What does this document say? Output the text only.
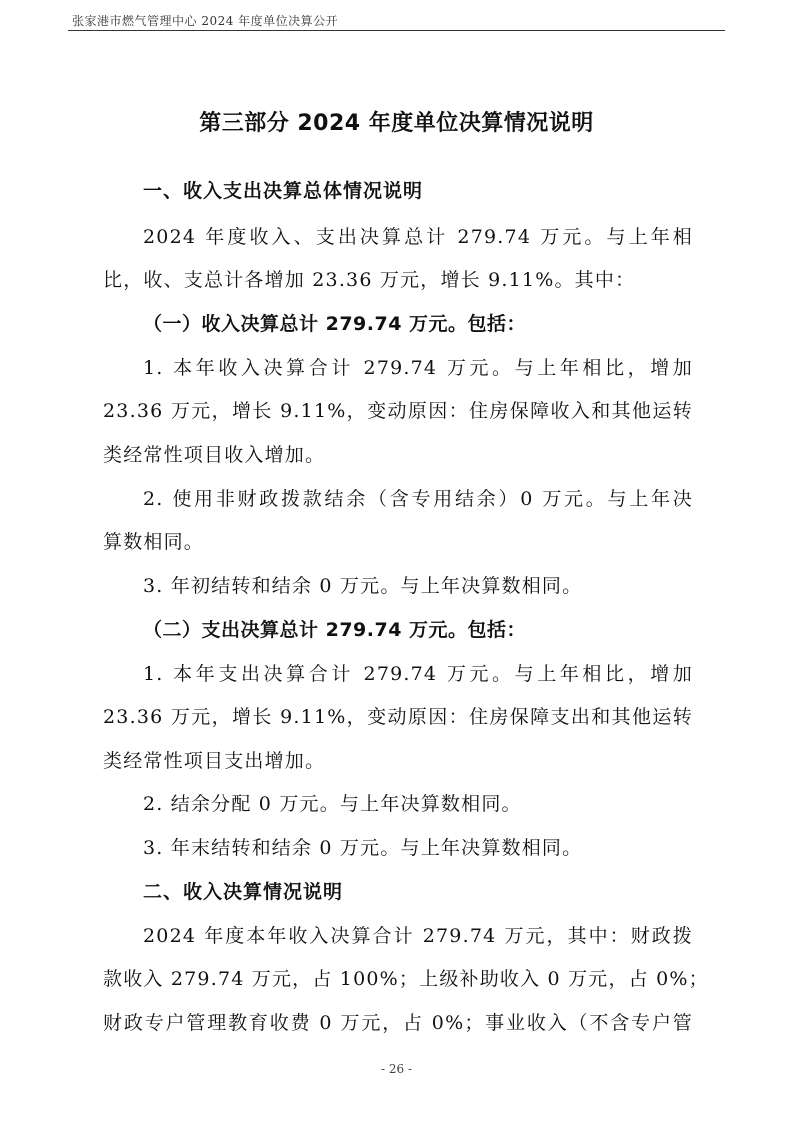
张家港市燃气管理中心 2024 年度单位决算公开
第三部分 2024 年度单位决算情况说明
一、收入支出决算总体情况说明
2024 年度收入、支出决算总计 279.74 万元。与上年相
比，收、支总计各增加 23.36 万元，增长 9.11%。其中：
（一）收入决算总计 279.74 万元。包括：
1. 本年收入决算合计 279.74 万元。与上年相比，增加
23.36 万元，增长 9.11%，变动原因：住房保障收入和其他运转
类经常性项目收入增加。
2. 使用非财政拨款结余（含专用结余）0 万元。与上年决
算数相同。
3. 年初结转和结余 0 万元。与上年决算数相同。
（二）支出决算总计 279.74 万元。包括：
1. 本年支出决算合计 279.74 万元。与上年相比，增加
23.36 万元，增长 9.11%，变动原因：住房保障支出和其他运转
类经常性项目支出增加。
2. 结余分配 0 万元。与上年决算数相同。
3. 年末结转和结余 0 万元。与上年决算数相同。
二、收入决算情况说明
2024 年度本年收入决算合计 279.74 万元，其中：财政拨
款收入 279.74 万元，占 100%；上级补助收入 0 万元，占 0%；
财政专户管理教育收费 0 万元，占 0%；事业收入（不含专户管
- 26 -
